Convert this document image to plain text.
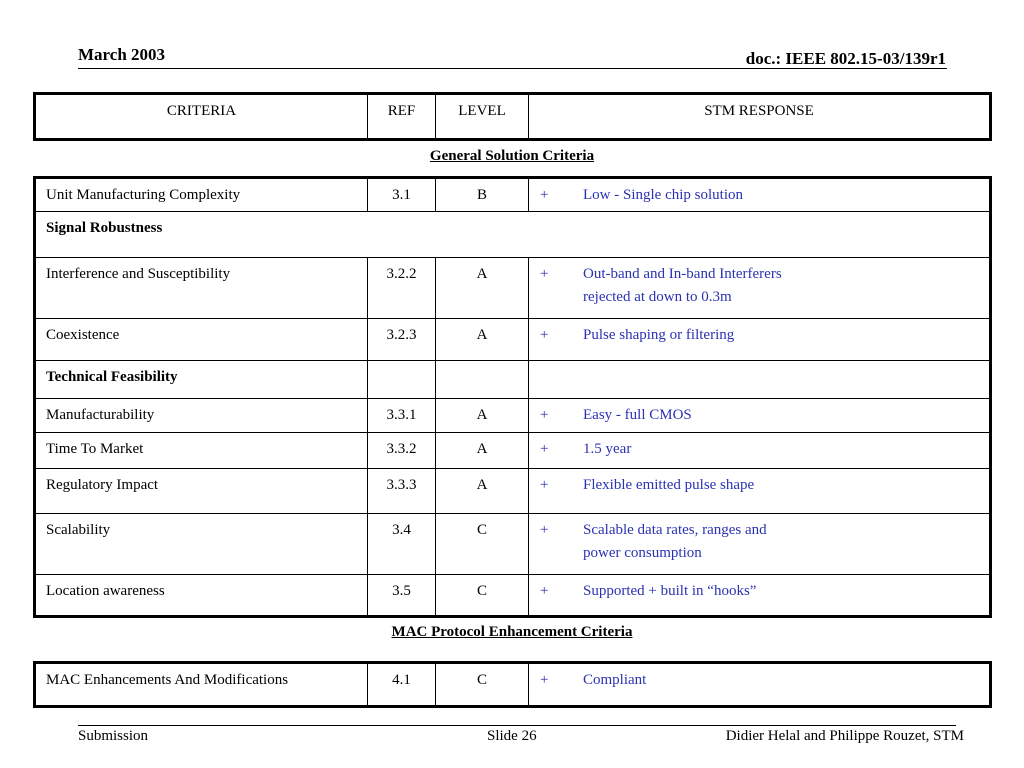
March 2003	doc.: IEEE 802.15-03/139r1
CRITERIA	REF	LEVEL	STM RESPONSE
General Solution Criteria
Unit Manufacturing Complexity	3.1	B	+ Low - Single chip solution
Signal Robustness			
Interference and Susceptibility	3.2.2	A	+ Out-band and In-band Interferers
rejected at down to 0.3m

Coexistence	3.2.3	A	+ Pulse shaping or filtering
Technical Feasibility			
Manufacturability	3.3.1	A	+ Easy - full CMOS
Time To Market	3.3.2	A	+ 1.5 year
Regulatory Impact	3.3.3	A	+ Flexible emitted pulse shape
Scalability	3.4	C	+ Scalable data rates, ranges and
power consumption

Location awareness	3.5	C	+ Supported + built in “hooks”
MAC Protocol Enhancement Criteria
MAC Enhancements And Modifications	4.1	C	+ Compliant
Submission	Slide 26	Didier Helal and Philippe Rouzet, STM
